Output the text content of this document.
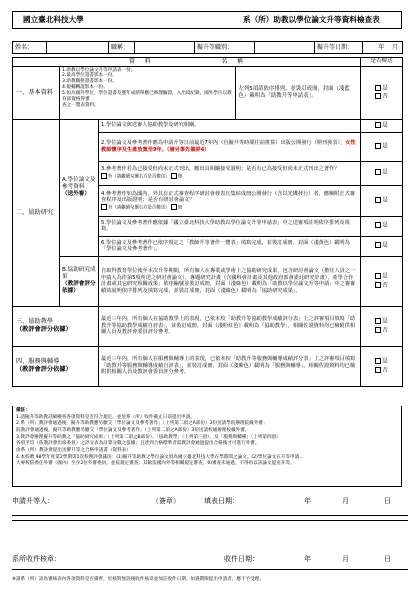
國立臺北科技大學	系（所）助教以學位論文升等資料檢查表
姓名：		職稱：		擬升等職別：		擬升等日期：	年 月
資 料	名 稱	是否檢送
一、基本資料	
1.助教以學位論文升等申請表一份。
2.最高學位證書影本一份。
3.助教職務證書影本一份。
4.規輔轉證影本一份。
5.如為國外學位，學位證書及歷年成績單應已辦理驗證，入出境紀錄，國外學位以教育部資格得審
查之一覽表資料。
	左列5項請依序排列，並裝訂成冊，封面（淺藍色）載明為「助教升等申請表」。

是
否

二、協助研究	
A.學位論文及參考資料
（送外審）
	1.學位論文與送審人協助教學及研究相關。	是
2.學位論文及參考著作應為申請升等日前最近7年內（自擬升等時間往前推算）出版公開發行（期刊發表），女性教師懷孕及生產放寬至9年。（請另事先備詳4）	是
3.參考著作若為已接受但尚未正式刊出，應出具相關接受證明；是否有已為接受但尚未正式刊出之著作？
有（請繼續勾選右方是否檢送） 無
	是
4.參考著作如為國內、外具有正式審查程序研討會發表且集結成冊公開發行（含以光碟發行）者，應檢附正式審查程序及出版證明；是否有研討會論文？
有（請繼續勾選右方是否檢送） 無
	是
5.學位論文及參考著作應依據「國立臺北科技大學助教以學位論文升等申請表」中之送審項註明依序排列及填寫。	是
6.學位論文及參考著作已依序規定之「教師升等著作一覽表」填寫完成，並裝訂成冊，封面（淺黃色）載明為「學位論文及參考著作」。	是

B.協助研究成果
（教評會評分依據）
	自取得教育學位後至本次升等期間，所有個人在專業或學術上之協助研究成果，包含研討會論文（擔任人員之一申請人為作第5項所送之研討會論文）、專題研究計畫（含國科會計畫及其他政府部會委託研究計畫）、產學合作計畫或其它研究相關成果；依序編號並裝訂成冊，封面（淺綠色）載明為「助教以學位論文升等申請」中之審審績效說明依序排列及填寫完成，並裝訂成冊，封面（淺綠色）載明為「協助研究成果」。	
是
否

三、協助教學
（教評會評分依據）
	最近三年內，所有個人在協助教學上的表現，已依本校「助教升等協助教學成績評分表」上之評審項目填寫「助教升等協助教學成績自評表」，並裝訂成冊，封面（淺粉紅色）載明為「協助教學」，相關佐證資料均已檢附供相關人員及教評會委員評分參考。	
是
否

四、服務與輔導
（教評會評分依據）
	最近三年內，所有個人在服務與輔導上的表現，已依本校「助教升等服務與輔導成績評分表」上之評審項目填寫「助教升等服務與輔導成績自評表」，並裝訂成冊，封面（淺紫色）載明為「服務與輔導」，相關佐證資料均已檢附供相關人員及教評會委員評分參考。	
是
否
備註：
1.請擬升等助教詳細檢查各項資料是否符合規定，並於系（所）收件截止日前提出申請。
2.系（所）教評會通過後，擬升等助教應另繳交「學位論文及參考著作」（上列第二項之A部份）3份送請學院辦理院級外審；
院教評會通過後，擬升等助教應另繳交「學位論文及參考著作」（上列第二項之A部份）3份送請校級辦理校級外審。
3.教評會辦理擬升等助教之「協助研究成果」（上列第二項之B部份）、「協助教學」（上列第三項）、及「服務與輔導」（上列第四項）
各項平均（依教評會出席委員）之評分表為計算分數之依據；且達到合格標準者需教評會通過提出合格後才可進行外審。
由系（所）教評會提出送審升等之合格申請書（資料表）
4.本校聘 98學年度第2學期第1次校教評會議決：(1)擬升等助教之學位論文須為國立臺北科技大學在學期間之論文。(2)學位論文在升等申請...
大專校院委任外審（國內）至少2位外審委員，並依規定審查；其餘依國內外等相關規定審查，如審查未通過，不得再以該論文提送升等。
申請升等人：	（簽章）	填表日期：	年	月	日
系所收件核章：	收件日期：	年	月	日
※請系（所）詳為審核表內各項資料是否備齊，於核對無誤後收件核章並加註收件日期。如遇期限提出申請者，應不予受理。
